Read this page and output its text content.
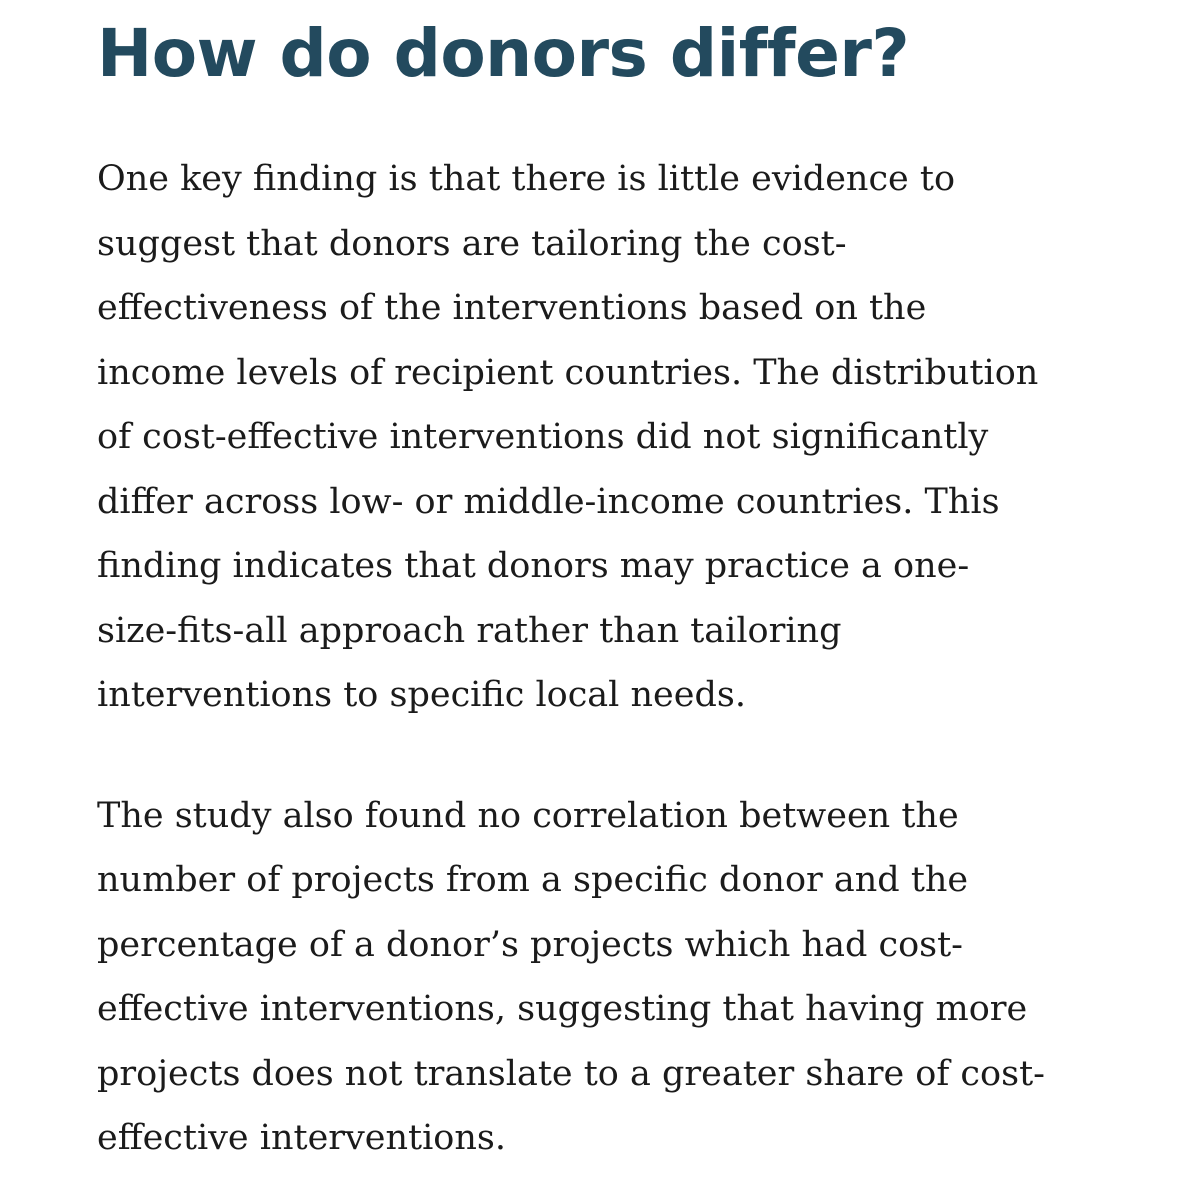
How do donors differ?

One key finding is that there is little evidence to
suggest that donors are tailoring the cost-
effectiveness of the interventions based on the
income levels of recipient countries. The distribution
of cost-effective interventions did not significantly
differ across low- or middle-income countries. This
finding indicates that donors may practice a one-
size-fits-all approach rather than tailoring
interventions to specific local needs.

The study also found no correlation between the
number of projects from a specific donor and the
percentage of a donor’s projects which had cost-
effective interventions, suggesting that having more
projects does not translate to a greater share of cost-
effective interventions.
